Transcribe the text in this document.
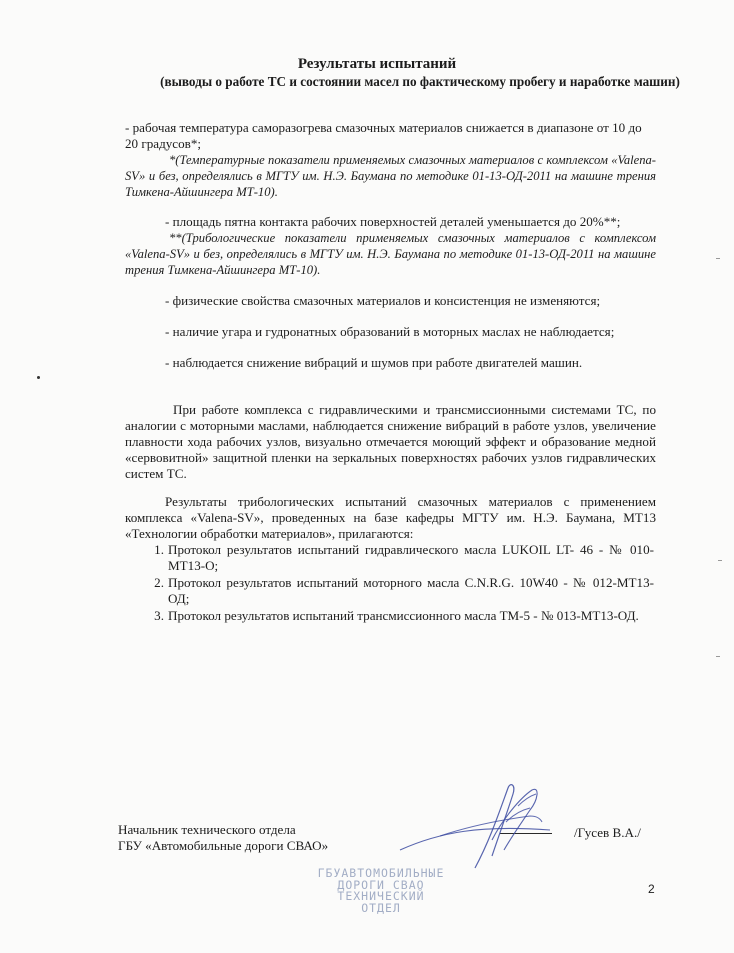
Результаты испытаний
(выводы о работе ТС и состоянии масел по фактическому пробегу и наработке машин)
- рабочая температура саморазогрева смазочных материалов снижается в диапазоне от 10 до 20 градусов*;
*(Температурные показатели применяемых смазочных материалов с комплексом «Valena-SV» и без, определялись в МГТУ им. Н.Э. Баумана по методике 01-13-ОД-2011 на машине трения Тимкена-Айшингера МТ-10).
- площадь пятна контакта рабочих поверхностей деталей уменьшается до 20%**;
**(Трибологические показатели применяемых смазочных материалов с комплексом «Valena-SV» и без, определялись в МГТУ им. Н.Э. Баумана по методике 01-13-ОД-2011 на машине трения Тимкена-Айшингера МТ-10).
- физические свойства смазочных материалов и консистенция не изменяются;
- наличие угара и гудронатных образований в моторных маслах не наблюдается;
- наблюдается снижение вибраций и шумов при работе двигателей машин.
При работе комплекса с гидравлическими и трансмиссионными системами ТС, по аналогии с моторными маслами, наблюдается снижение вибраций в работе узлов, увеличение плавности хода рабочих узлов, визуально отмечается моющий эффект и образование медной «сервовитной» защитной пленки на зеркальных поверхностях рабочих узлов гидравлических систем ТС.
Результаты трибологических испытаний смазочных материалов с применением комплекса «Valena-SV», проведенных на базе кафедры МГТУ им. Н.Э. Баумана, МТ13 «Технологии обработки материалов», прилагаются:
1. Протокол результатов испытаний гидравлического масла LUKOIL LT- 46 - № 010-МТ13-О;
2. Протокол результатов испытаний моторного масла C.N.R.G. 10W40 - № 012-МТ13-ОД;
3. Протокол результатов испытаний трансмиссионного масла ТМ-5 - № 013-МТ13-ОД.
Начальник технического отдела
ГБУ «Автомобильные дороги СВАО»
/Гусев В.А./
ГБУАВТОМОБИЛЬНЫЕ
ДОРОГИ СВАО
ТЕХНИЧЕСКИЙ
ОТДЕЛ
2
